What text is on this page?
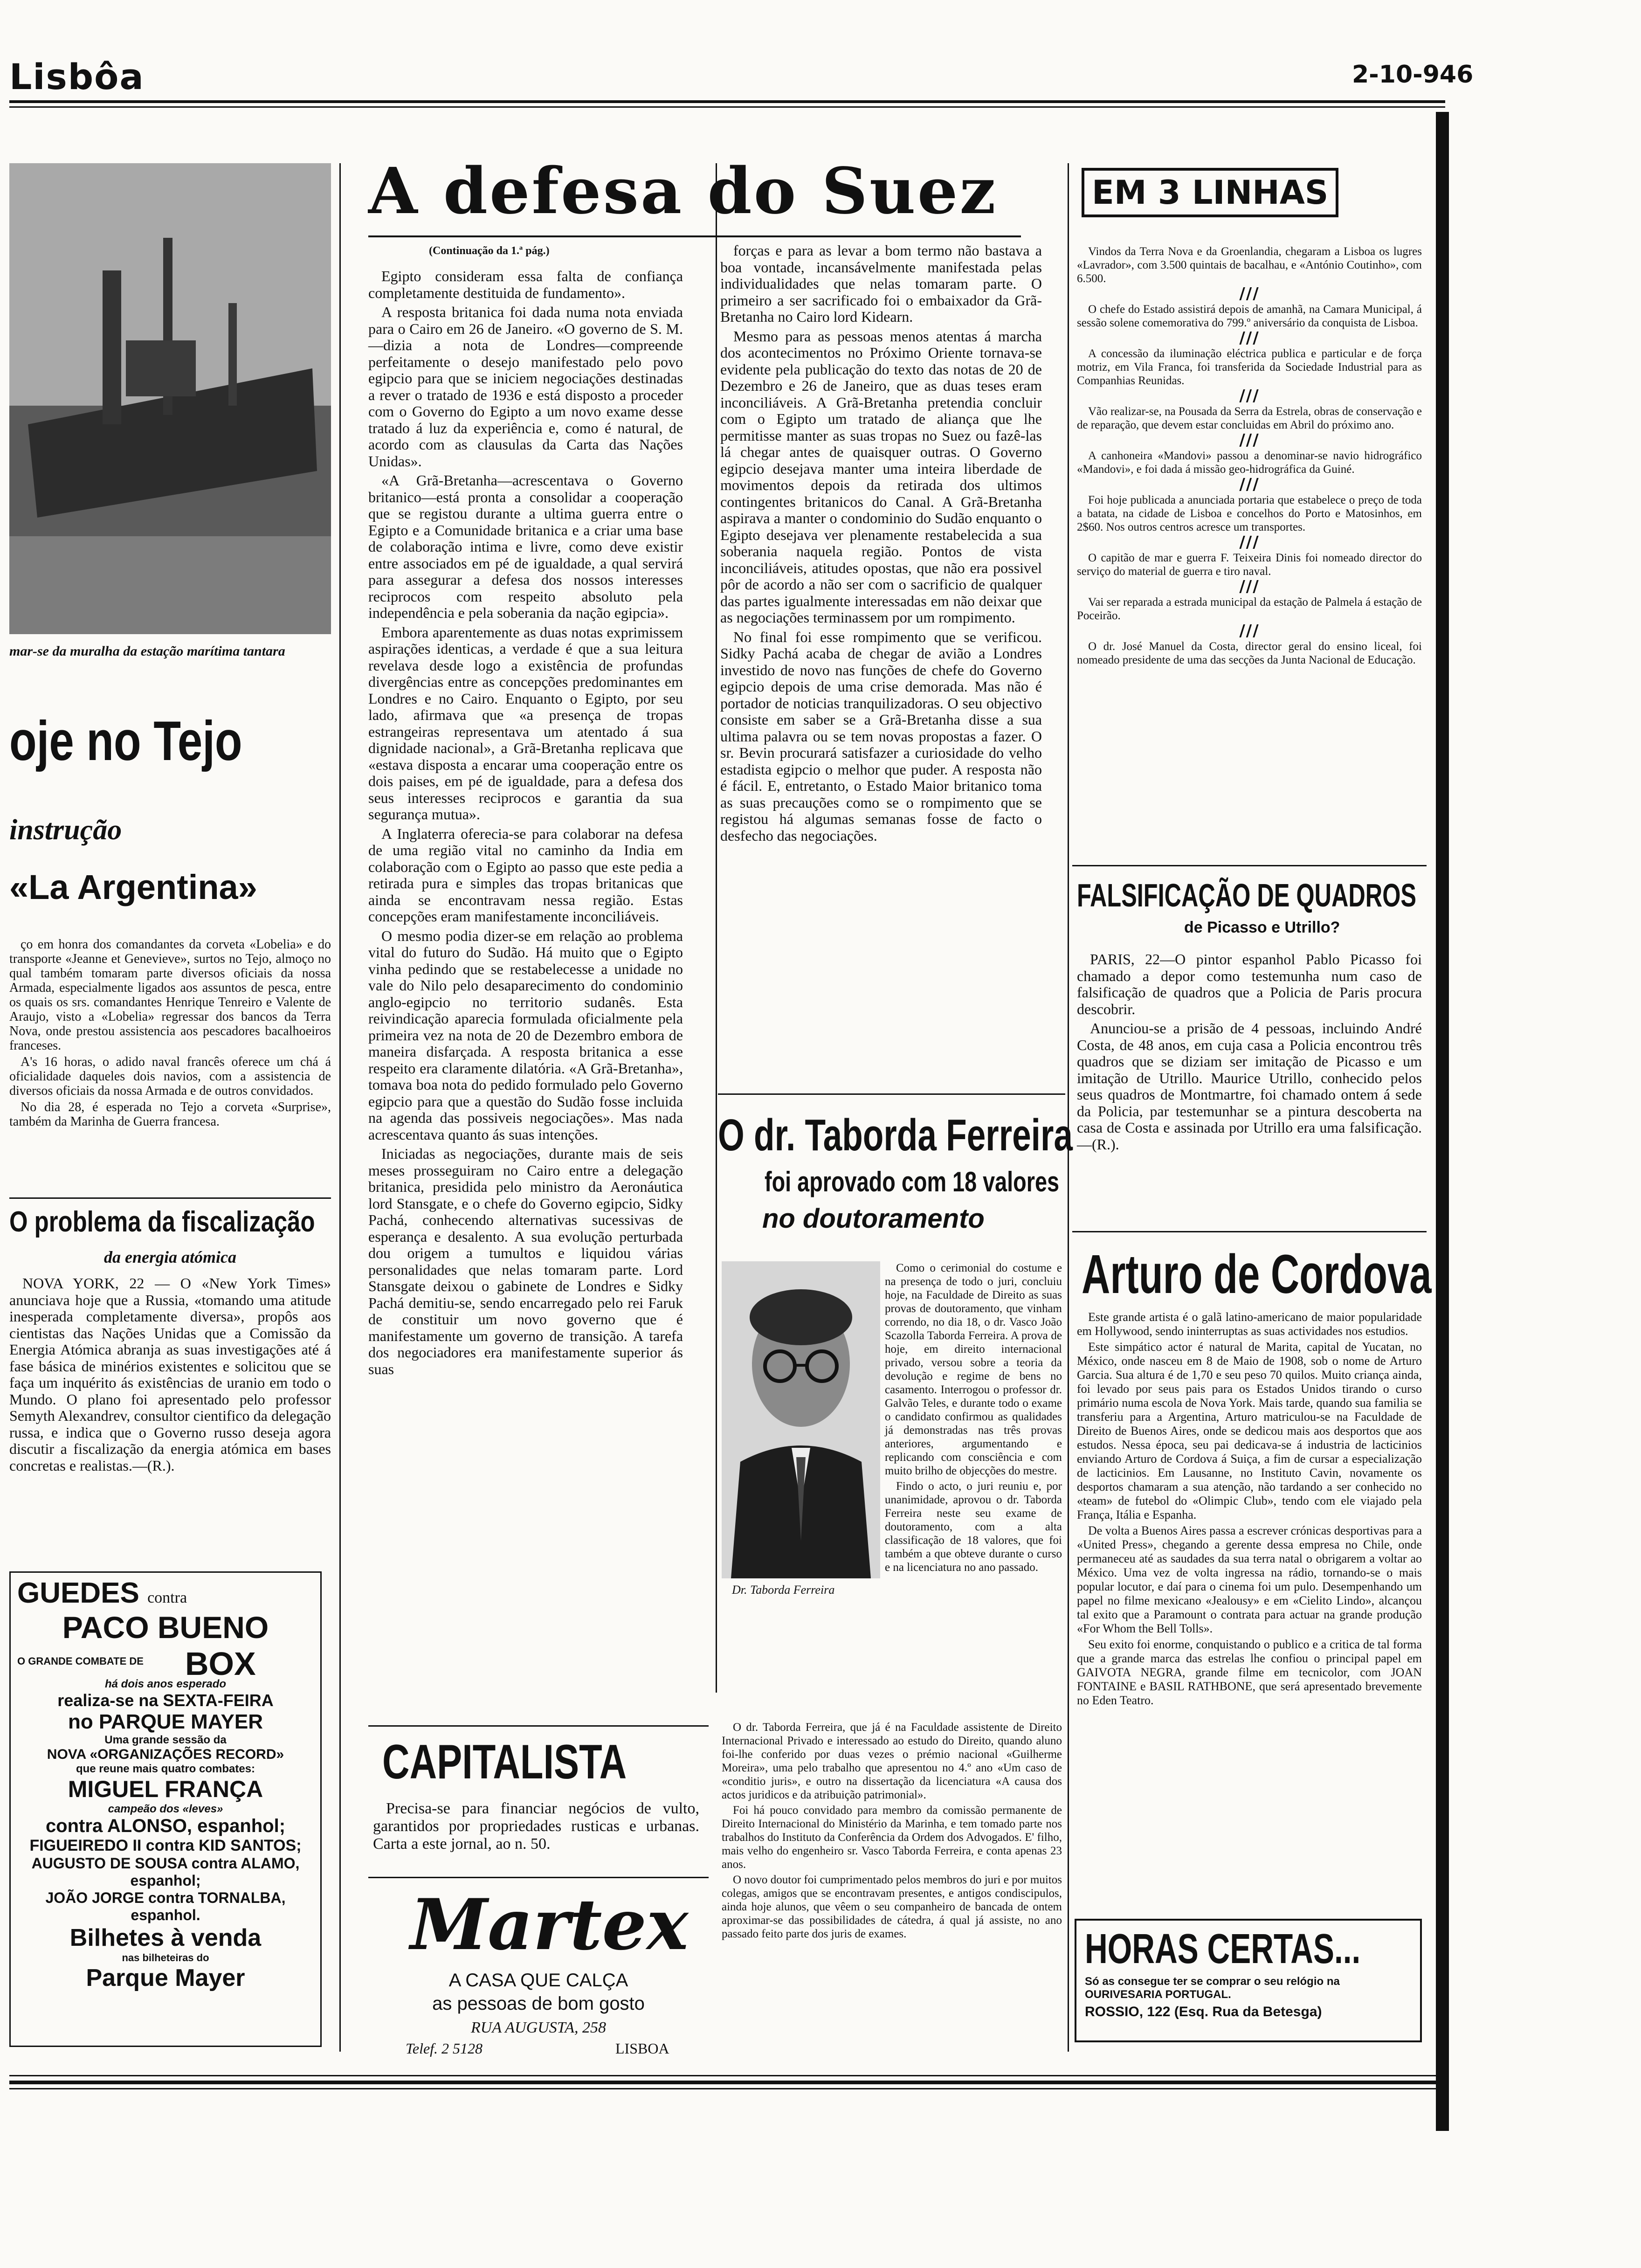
Lisbôa	2-10-946
mar-se da muralha da estação marítima tantara
oje no Tejo
instrução
«La Argentina»

ço em honra dos comandantes da corveta «Lobelia» e do transporte «Jeanne et Genevieve», surtos no Tejo, almoço no qual também tomaram parte diversos oficiais da nossa Armada, especialmente ligados aos assuntos de pesca, entre os quais os srs. comandantes Henrique Tenreiro e Valente de Araujo, visto a «Lobelia» regressar dos bancos da Terra Nova, onde prestou assistencia aos pescadores bacalhoeiros franceses.

A's 16 horas, o adido naval francês oferece um chá á oficialidade daqueles dois navios, com a assistencia de diversos oficiais da nossa Armada e de outros convidados.

No dia 28, é esperada no Tejo a corveta «Surprise», também da Marinha de Guerra francesa.

O problema da fiscalização
da energia atómica
NOVA YORK, 22 — O «New York Times» anunciava hoje que a Russia, «tomando uma atitude inesperada completamente diversa», propôs aos cientistas das Nações Unidas que a Comissão da Energia Atómica abranja as suas investigações até á fase básica de minérios existentes e solicitou que se faça um inquérito ás existências de uranio em todo o Mundo. O plano foi apresentado pelo professor Semyth Alexandrev, consultor cientifico da delegação russa, e indica que o Governo russo deseja agora discutir a fiscalização da energia atómica em bases concretas e realistas.—(R.).
GUEDES contra
PACO BUENO
O GRANDE COMBATE DE BOX
há dois anos esperado
realiza-se na SEXTA-FEIRA
no PARQUE MAYER
Uma grande sessão da
NOVA «ORGANIZAÇÕES RECORD»
que reune mais quatro combates:
MIGUEL FRANÇA
campeão dos «leves»
contra ALONSO, espanhol;
FIGUEIREDO II contra KID SANTOS;
AUGUSTO DE SOUSA contra ALAMO, espanhol;
JOÃO JORGE contra TORNALBA, espanhol.
Bilhetes à venda
nas bilheteiras do
Parque Mayer
A defesa do Suez
(Continuação da 1.ª pág.)

Egipto consideram essa falta de confiança completamente destituida de fundamento».

A resposta britanica foi dada numa nota enviada para o Cairo em 26 de Janeiro. «O governo de S. M.—dizia a nota de Londres—compreende perfeitamente o desejo manifestado pelo povo egipcio para que se iniciem negociações destinadas a rever o tratado de 1936 e está disposto a proceder com o Governo do Egipto a um novo exame desse tratado á luz da experiência e, como é natural, de acordo com as clausulas da Carta das Nações Unidas».

«A Grã-Bretanha—acrescentava o Governo britanico—está pronta a consolidar a cooperação que se registou durante a ultima guerra entre o Egipto e a Comunidade britanica e a criar uma base de colaboração intima e livre, como deve existir entre associados em pé de igualdade, a qual servirá para assegurar a defesa dos nossos interesses reciprocos com respeito absoluto pela independência e pela soberania da nação egipcia».

Embora aparentemente as duas notas exprimissem aspirações identicas, a verdade é que a sua leitura revelava desde logo a existência de profundas divergências entre as concepções predominantes em Londres e no Cairo. Enquanto o Egipto, por seu lado, afirmava que «a presença de tropas estrangeiras representava um atentado á sua dignidade nacional», a Grã-Bretanha replicava que «estava disposta a encarar uma cooperação entre os dois paises, em pé de igualdade, para a defesa dos seus interesses reciprocos e garantia da sua segurança mutua».

A Inglaterra oferecia-se para colaborar na defesa de uma região vital no caminho da India em colaboração com o Egipto ao passo que este pedia a retirada pura e simples das tropas britanicas que ainda se encontravam nessa região. Estas concepções eram manifestamente inconciliáveis.

O mesmo podia dizer-se em relação ao problema vital do futuro do Sudão. Há muito que o Egipto vinha pedindo que se restabelecesse a unidade no vale do Nilo pelo desaparecimento do condominio anglo-egipcio no territorio sudanês. Esta reivindicação aparecia formulada oficialmente pela primeira vez na nota de 20 de Dezembro embora de maneira disfarçada. A resposta britanica a esse respeito era claramente dilatória. «A Grã-Bretanha», tomava boa nota do pedido formulado pelo Governo egipcio para que a questão do Sudão fosse incluida na agenda das possiveis negociações». Mas nada acrescentava quanto ás suas intenções.

Iniciadas as negociações, durante mais de seis meses prosseguiram no Cairo entre a delegação britanica, presidida pelo ministro da Aeronáutica lord Stansgate, e o chefe do Governo egipcio, Sidky Pachá, conhecendo alternativas sucessivas de esperança e desalento. A sua evolução perturbada dou origem a tumultos e liquidou várias personalidades que nelas tomaram parte. Lord Stansgate deixou o gabinete de Londres e Sidky Pachá demitiu-se, sendo encarregado pelo rei Faruk de constituir um novo governo que é manifestamente um governo de transição. A tarefa dos negociadores era manifestamente superior ás suas

forças e para as levar a bom termo não bastava a boa vontade, incansávelmente manifestada pelas individualidades que nelas tomaram parte. O primeiro a ser sacrificado foi o embaixador da Grã-Bretanha no Cairo lord Kidearn.

Mesmo para as pessoas menos atentas á marcha dos acontecimentos no Próximo Oriente tornava-se evidente pela publicação do texto das notas de 20 de Dezembro e 26 de Janeiro, que as duas teses eram inconciliáveis. A Grã-Bretanha pretendia concluir com o Egipto um tratado de aliança que lhe permitisse manter as suas tropas no Suez ou fazê-las lá chegar antes de quaisquer outras. O Governo egipcio desejava manter uma inteira liberdade de movimentos depois da retirada dos ultimos contingentes britanicos do Canal. A Grã-Bretanha aspirava a manter o condominio do Sudão enquanto o Egipto desejava ver plenamente restabelecida a sua soberania naquela região. Pontos de vista inconciliáveis, atitudes opostas, que não era possivel pôr de acordo a não ser com o sacrificio de qualquer das partes igualmente interessadas em não deixar que as negociações terminassem por um rompimento.

No final foi esse rompimento que se verificou. Sidky Pachá acaba de chegar de avião a Londres investido de novo nas funções de chefe do Governo egipcio depois de uma crise demorada. Mas não é portador de noticias tranquilizadoras. O seu objectivo consiste em saber se a Grã-Bretanha disse a sua ultima palavra ou se tem novas propostas a fazer. O sr. Bevin procurará satisfazer a curiosidade do velho estadista egipcio o melhor que puder. A resposta não é fácil. E, entretanto, o Estado Maior britanico toma as suas precauções como se o rompimento que se registou há algumas semanas fosse de facto o desfecho das negociações.

CAPITALISTA
Precisa-se para financiar negócios de vulto, garantidos por propriedades rusticas e urbanas. Carta a este jornal, ao n. 50.
Martex
A CASA QUE CALÇA
as pessoas de bom gosto
RUA AUGUSTA, 258
Telef. 2 5128	LISBOA
O dr. Taborda Ferreira
foi aprovado com 18 valores
no doutoramento
Dr. Taborda Ferreira

Como o cerimonial do costume e na presença de todo o juri, concluiu hoje, na Faculdade de Direito as suas provas de doutoramento, que vinham correndo, no dia 18, o dr. Vasco João Scazolla Taborda Ferreira. A prova de hoje, em direito internacional privado, versou sobre a teoria da devolução e regime de bens no casamento. Interrogou o professor dr. Galvão Teles, e durante todo o exame o candidato confirmou as qualidades já demonstradas nas três provas anteriores, argumentando e replicando com consciência e com muito brilho de objecções do mestre.

Findo o acto, o juri reuniu e, por unanimidade, aprovou o dr. Taborda Ferreira neste seu exame de doutoramento, com a alta classificação de 18 valores, que foi também a que obteve durante o curso e na licenciatura no ano passado.

O dr. Taborda Ferreira, que já é na Faculdade assistente de Direito Internacional Privado e interessado ao estudo do Direito, quando aluno foi-lhe conferido por duas vezes o prémio nacional «Guilherme Moreira», uma pelo trabalho que apresentou no 4.º ano «Um caso de «conditio juris», e outro na dissertação da licenciatura «A causa dos actos juridicos e da atribuição patrimonial».

Foi há pouco convidado para membro da comissão permanente de Direito Internacional do Ministério da Marinha, e tem tomado parte nos trabalhos do Instituto da Conferência da Ordem dos Advogados. E' filho, mais velho do engenheiro sr. Vasco Taborda Ferreira, e conta apenas 23 anos.

O novo doutor foi cumprimentado pelos membros do juri e por muitos colegas, amigos que se encontravam presentes, e antigos condiscipulos, ainda hoje alunos, que vêem o seu companheiro de bancada de ontem aproximar-se das possibilidades de cátedra, á qual já assiste, no ano passado feito parte dos juris de exames.

EM 3 LINHAS

Vindos da Terra Nova e da Groenlandia, chegaram a Lisboa os lugres «Lavrador», com 3.500 quintais de bacalhau, e «António Coutinho», com 6.500.

///

O chefe do Estado assistirá depois de amanhã, na Camara Municipal, á sessão solene comemorativa do 799.º aniversário da conquista de Lisboa.

///

A concessão da iluminação eléctrica publica e particular e de força motriz, em Vila Franca, foi transferida da Sociedade Industrial para as Companhias Reunidas.

///

Vão realizar-se, na Pousada da Serra da Estrela, obras de conservação e de reparação, que devem estar concluidas em Abril do próximo ano.

///

A canhoneira «Mandovi» passou a denominar-se navio hidrográfico «Mandovi», e foi dada á missão geo-hidrográfica da Guiné.

///

Foi hoje publicada a anunciada portaria que estabelece o preço de toda a batata, na cidade de Lisboa e concelhos do Porto e Matosinhos, em 2$60. Nos outros centros acresce um transportes.

///

O capitão de mar e guerra F. Teixeira Dinis foi nomeado director do serviço do material de guerra e tiro naval.

///

Vai ser reparada a estrada municipal da estação de Palmela á estação de Poceirão.

///

O dr. José Manuel da Costa, director geral do ensino liceal, foi nomeado presidente de uma das secções da Junta Nacional de Educação.

FALSIFICAÇÃO DE QUADROS
de Picasso e Utrillo?

PARIS, 22—O pintor espanhol Pablo Picasso foi chamado a depor como testemunha num caso de falsificação de quadros que a Policia de Paris procura descobrir.

Anunciou-se a prisão de 4 pessoas, incluindo André Costa, de 48 anos, em cuja casa a Policia encontrou três quadros que se diziam ser imitação de Picasso e um imitação de Utrillo. Maurice Utrillo, conhecido pelos seus quadros de Montmartre, foi chamado ontem á sede da Policia, par testemunhar se a pintura descoberta na casa de Costa e assinada por Utrillo era uma falsificação.—(R.).

Arturo de Cordova

Este grande artista é o galã latino-americano de maior popularidade em Hollywood, sendo ininterruptas as suas actividades nos estudios.

Este simpático actor é natural de Marita, capital de Yucatan, no México, onde nasceu em 8 de Maio de 1908, sob o nome de Arturo Garcia. Sua altura é de 1,70 e seu peso 70 quilos. Muito criança ainda, foi levado por seus pais para os Estados Unidos tirando o curso primário numa escola de Nova York. Mais tarde, quando sua familia se transferiu para a Argentina, Arturo matriculou-se na Faculdade de Direito de Buenos Aires, onde se dedicou mais aos desportos que aos estudos. Nessa época, seu pai dedicava-se á industria de lacticinios enviando Arturo de Cordova á Suiça, a fim de cursar a especialização de lacticinios. Em Lausanne, no Instituto Cavin, novamente os desportos chamaram a sua atenção, não tardando a ser conhecido no «team» de futebol do «Olimpic Club», tendo com ele viajado pela França, Itália e Espanha.

De volta a Buenos Aires passa a escrever crónicas desportivas para a «United Press», chegando a gerente dessa empresa no Chile, onde permaneceu até as saudades da sua terra natal o obrigarem a voltar ao México. Uma vez de volta ingressa na rádio, tornando-se o mais popular locutor, e daí para o cinema foi um pulo. Desempenhando um papel no filme mexicano «Jealousy» e em «Cielito Lindo», alcançou tal exito que a Paramount o contrata para actuar na grande produção «For Whom the Bell Tolls».

Seu exito foi enorme, conquistando o publico e a critica de tal forma que a grande marca das estrelas lhe confiou o principal papel em GAIVOTA NEGRA, grande filme em tecnicolor, com JOAN FONTAINE e BASIL RATHBONE, que será apresentado brevemente no Eden Teatro.

HORAS CERTAS...
Só as consegue ter se comprar o seu relógio na OURIVESARIA PORTUGAL.
ROSSIO, 122 (Esq. Rua da Betesga)
